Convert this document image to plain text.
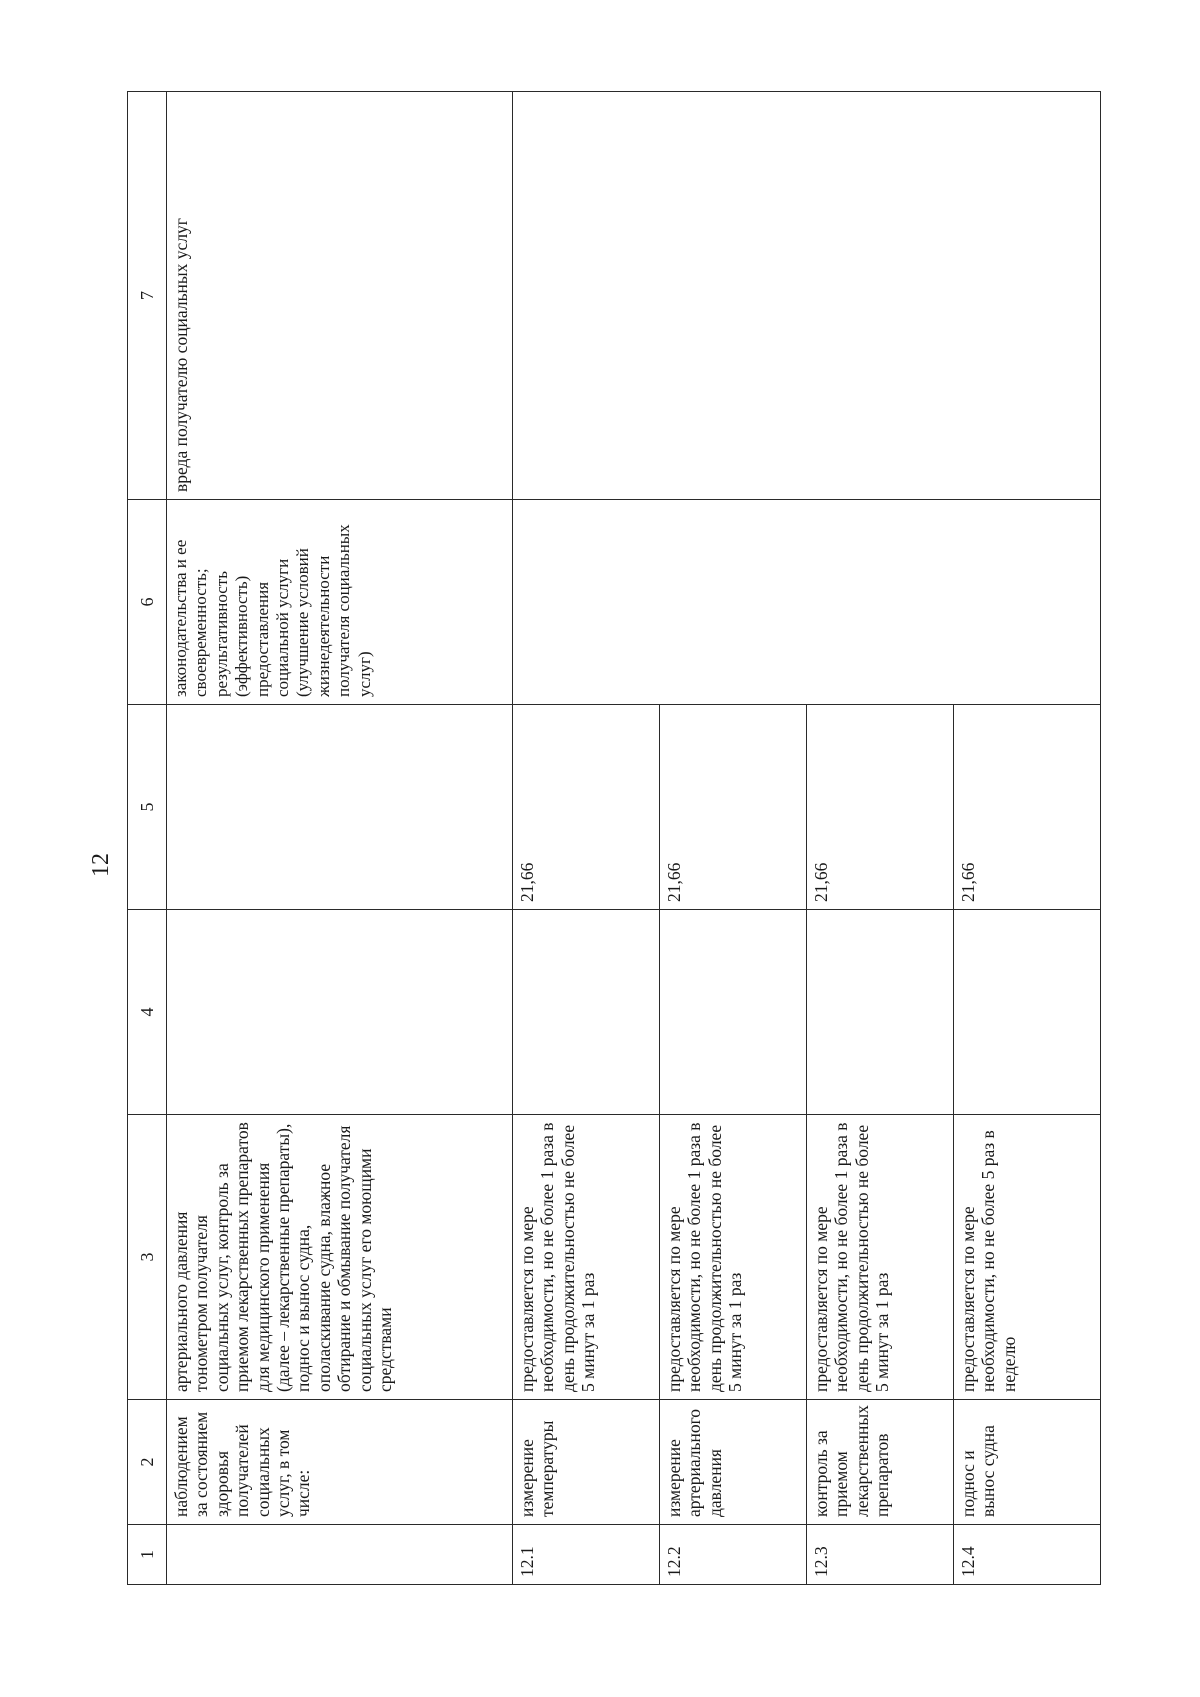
12
1	2	3	4	5	6	7
	наблюдением за состоянием здоровья получателей социальных услуг, в том числе:	артериального давления тонометром получателя социальных услуг, контроль за приемом лекарственных препаратов для медицинского применения (далее – лекарственные препараты), поднос и вынос судна, ополаскивание судна, влажное обтирание и обмывание получателя социальных услуг его моющими средствами			законодательства и ее своевременность; результативность (эффективность) предоставления социальной услуги (улучшение условий жизнедеятельности получателя социальных услуг)	вреда получателю социальных услуг
12.1	измерение температуры	предоставляется по мере необходимости, но не более 1 раза в день продолжительностью не более 5 минут за 1 раз		21,66		
12.2	измерение артериального давления	предоставляется по мере необходимости, но не более 1 раза в день продолжительностью не более 5 минут за 1 раз		21,66		
12.3	контроль за приемом лекарственных препаратов	предоставляется по мере необходимости, но не более 1 раза в день продолжительностью не более 5 минут за 1 раз		21,66		
12.4	поднос и вынос судна	предоставляется по мере необходимости, но не более 5 раз в неделю		21,66		
